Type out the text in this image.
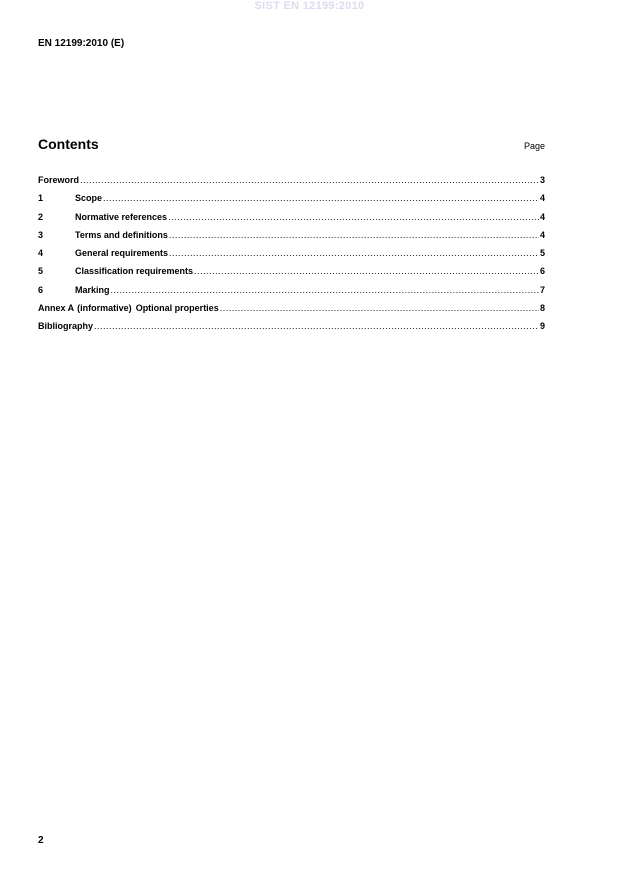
SIST EN 12199:2010
EN 12199:2010 (E)
Contents	Page
Foreword .....	3
1	Scope .....	4
2	Normative references .....	4
3	Terms and definitions .....	4
4	General requirements .....	5
5	Classification requirements .....	6
6	Marking .....	7
Annex A (informative) Optional properties .....	8
Bibliography .....	9
2
